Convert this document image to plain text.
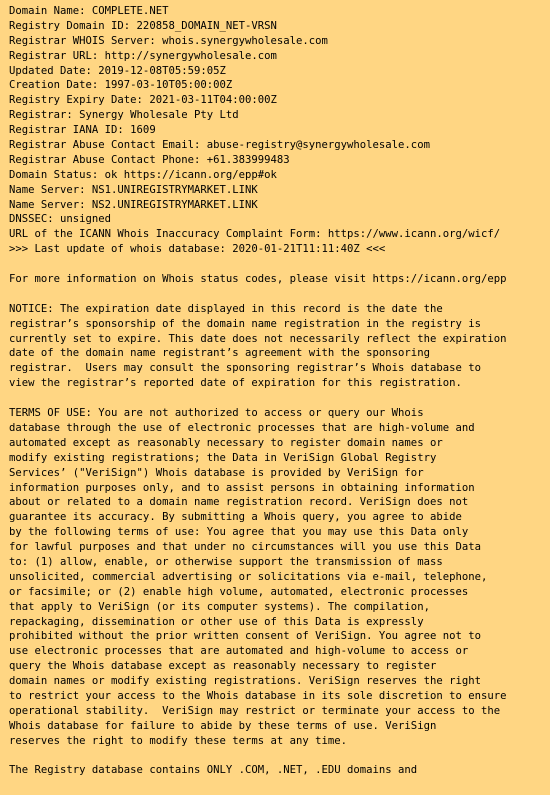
Domain Name: COMPLETE.NET
Registry Domain ID: 220858_DOMAIN_NET-VRSN
Registrar WHOIS Server: whois.synergywholesale.com
Registrar URL: http://synergywholesale.com
Updated Date: 2019-12-08T05:59:05Z
Creation Date: 1997-03-10T05:00:00Z
Registry Expiry Date: 2021-03-11T04:00:00Z
Registrar: Synergy Wholesale Pty Ltd
Registrar IANA ID: 1609
Registrar Abuse Contact Email: abuse-registry@synergywholesale.com
Registrar Abuse Contact Phone: +61.383999483
Domain Status: ok https://icann.org/epp#ok
Name Server: NS1.UNIREGISTRYMARKET.LINK
Name Server: NS2.UNIREGISTRYMARKET.LINK
DNSSEC: unsigned
URL of the ICANN Whois Inaccuracy Complaint Form: https://www.icann.org/wicf/
>>> Last update of whois database: 2020-01-21T11:11:40Z <<<
For more information on Whois status codes, please visit https://icann.org/epp
NOTICE: The expiration date displayed in this record is the date the
registrar’s sponsorship of the domain name registration in the registry is
currently set to expire. This date does not necessarily reflect the expiration
date of the domain name registrant’s agreement with the sponsoring
registrar.  Users may consult the sponsoring registrar’s Whois database to
view the registrar’s reported date of expiration for this registration.
TERMS OF USE: You are not authorized to access or query our Whois
database through the use of electronic processes that are high-volume and
automated except as reasonably necessary to register domain names or
modify existing registrations; the Data in VeriSign Global Registry
Services’ ("VeriSign") Whois database is provided by VeriSign for
information purposes only, and to assist persons in obtaining information
about or related to a domain name registration record. VeriSign does not
guarantee its accuracy. By submitting a Whois query, you agree to abide
by the following terms of use: You agree that you may use this Data only
for lawful purposes and that under no circumstances will you use this Data
to: (1) allow, enable, or otherwise support the transmission of mass
unsolicited, commercial advertising or solicitations via e-mail, telephone,
or facsimile; or (2) enable high volume, automated, electronic processes
that apply to VeriSign (or its computer systems). The compilation,
repackaging, dissemination or other use of this Data is expressly
prohibited without the prior written consent of VeriSign. You agree not to
use electronic processes that are automated and high-volume to access or
query the Whois database except as reasonably necessary to register
domain names or modify existing registrations. VeriSign reserves the right
to restrict your access to the Whois database in its sole discretion to ensure
operational stability.  VeriSign may restrict or terminate your access to the
Whois database for failure to abide by these terms of use. VeriSign
reserves the right to modify these terms at any time.
The Registry database contains ONLY .COM, .NET, .EDU domains and
